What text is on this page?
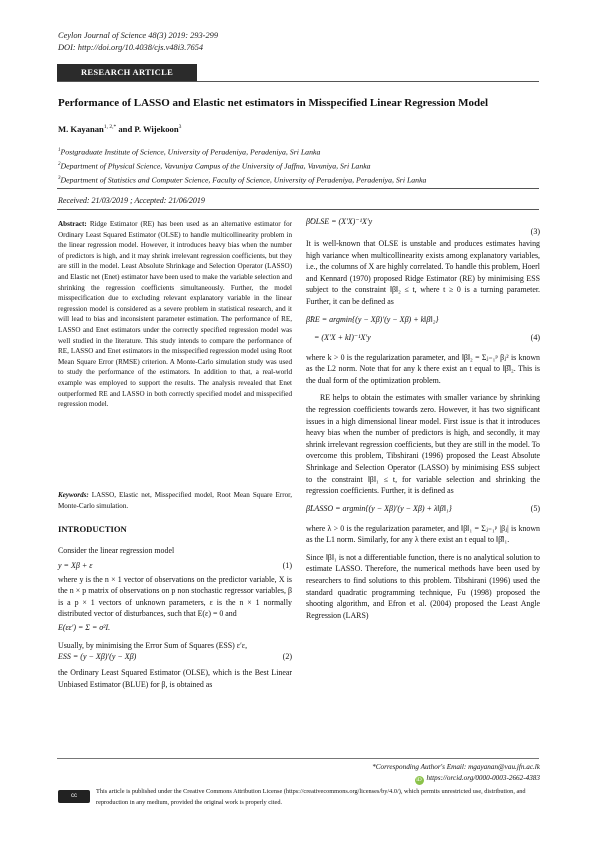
Ceylon Journal of Science 48(3) 2019: 293-299
DOI: http://doi.org/10.4038/cjs.v48i3.7654
RESEARCH ARTICLE
Performance of LASSO and Elastic net estimators in Misspecified Linear Regression Model
M. Kayanan$^{1, 2,*}$ and P. Wijekoon$^3$
$^1$Postgraduate Institute of Science, University of Peradeniya, Peradeniya, Sri Lanka
$^2$Department of Physical Science, Vavuniya Campus of the University of Jaffna, Vavuniya, Sri Lanka
$^3$Department of Statistics and Computer Science, Faculty of Science, University of Peradeniya, Peradeniya, Sri Lanka
Received: 21/03/2019 ; Accepted: 21/06/2019
Abstract: Ridge Estimator (RE) has been used as an alternative estimator for Ordinary Least Squared Estimator (OLSE) to handle multicollinearity problem in the linear regression model. However, it introduces heavy bias when the number of predictors is high, and it may shrink irrelevant regression coefficients, but they are still in the model. Least Absolute Shrinkage and Selection Operator (LASSO) and Elastic net (Enet) estimator have been used to make the variable selection and shrinking the regression coefficients simultaneously. Further, the model misspecification due to excluding relevant explanatory variable in the linear regression model is considered as a severe problem in statistical research, and it will lead to bias and inconsistent parameter estimation. The performance of RE, LASSO and Enet estimators under the correctly specified regression model was well studied in the literature. This study intends to compare the performance of RE, LASSO and Enet estimators in the misspecified regression model using Root Mean Square Error (RMSE) criterion. A Monte-Carlo simulation study was used to study the performance of the estimators. In addition to that, a real-world example was employed to support the results. The analysis revealed that Enet outperformed RE and LASSO in both correctly specified model and misspecified regression model.
Keywords: LASSO, Elastic net, Misspecified model, Root Mean Square Error, Monte-Carlo simulation.
INTRODUCTION

Consider the linear regression model

y = Xβ + ε	(1)

where y is the n × 1 vector of observations on the predictor variable, X is the n × p matrix of observations on p non stochastic regressor variables, β is a p × 1 vectors of unknown parameters, ε is the n × 1 normally distributed vector of disturbances, such that E(ε) = 0 and

E(εε′) = Σ = σ²I.

Usually, by minimising the Error Sum of Squares (ESS) ε′ε,

ESS = (y − Xβ)′(y − Xβ)	(2)

the Ordinary Least Squared Estimator (OLSE), which is the Best Linear Unbiased Estimator (BLUE) for β, is obtained as

β̂OLSE = (X′X)⁻¹X′y
(3)

It is well-known that OLSE is unstable and produces estimates having high variance when multicollinearity exists among explanatory variables, i.e., the columns of X are highly correlated. To handle this problem, Hoerl and Kennard (1970) proposed Ridge Estimator (RE) by minimising ESS subject to the constraint ‖β‖₂ ≤ t, where t ≥ 0 is a turning parameter. Further, it can be defined as

β̂RE = argmin{(y − Xβ)′(y − Xβ) + k‖β‖₂}
= (X′X + kI)⁻¹X′y	(4)

where k > 0 is the regularization parameter, and ‖β‖₂ = Σⱼ₌₁ᵖ βⱼ² is known as the L2 norm. Note that for any k there exist an t equal to ‖β̂‖₂. This is the dual form of the optimization problem.

RE helps to obtain the estimates with smaller variance by shrinking the regression coefficients towards zero. However, it has two significant issues in a high dimensional linear model. First issue is that it introduces heavy bias when the number of predictors is high, and secondly, it may shrink irrelevant regression coefficients, but they are still in the model. To overcome this problem, Tibshirani (1996) proposed the Least Absolute Shrinkage and Selection Operator (LASSO) by minimising ESS subject to the constraint ‖β‖₁ ≤ t, for variable selection and shrinking the regression coefficients. Further, it is defined as

β̂LASSO = argmin{(y − Xβ)′(y − Xβ) + λ‖β‖₁}	(5)

where λ > 0 is the regularization parameter, and ‖β‖₁ = Σⱼ₌₁ᵖ |βⱼ| is known as the L1 norm. Similarly, for any λ there exist an t equal to ‖β̂‖₁.

Since ‖β‖₁ is not a differentiable function, there is no analytical solution to estimate LASSO. Therefore, the numerical methods have been used by researchers to find solutions to this problem. Tibshirani (1996) used the standard quadratic programming technique, Fu (1998) proposed the shooting algorithm, and Efron et al. (2004) proposed the Least Angle Regression (LARS)

*Corresponding Author's Email: mgayanan@vau.jfn.ac.lk
iD https://orcid.org/0000-0003-2662-4383
cc
This article is published under the Creative Commons Attribution License (https://creativecommons.org/licenses/by/4.0/), which permits unrestricted use, distribution, and reproduction in any medium, provided the original work is properly cited.
